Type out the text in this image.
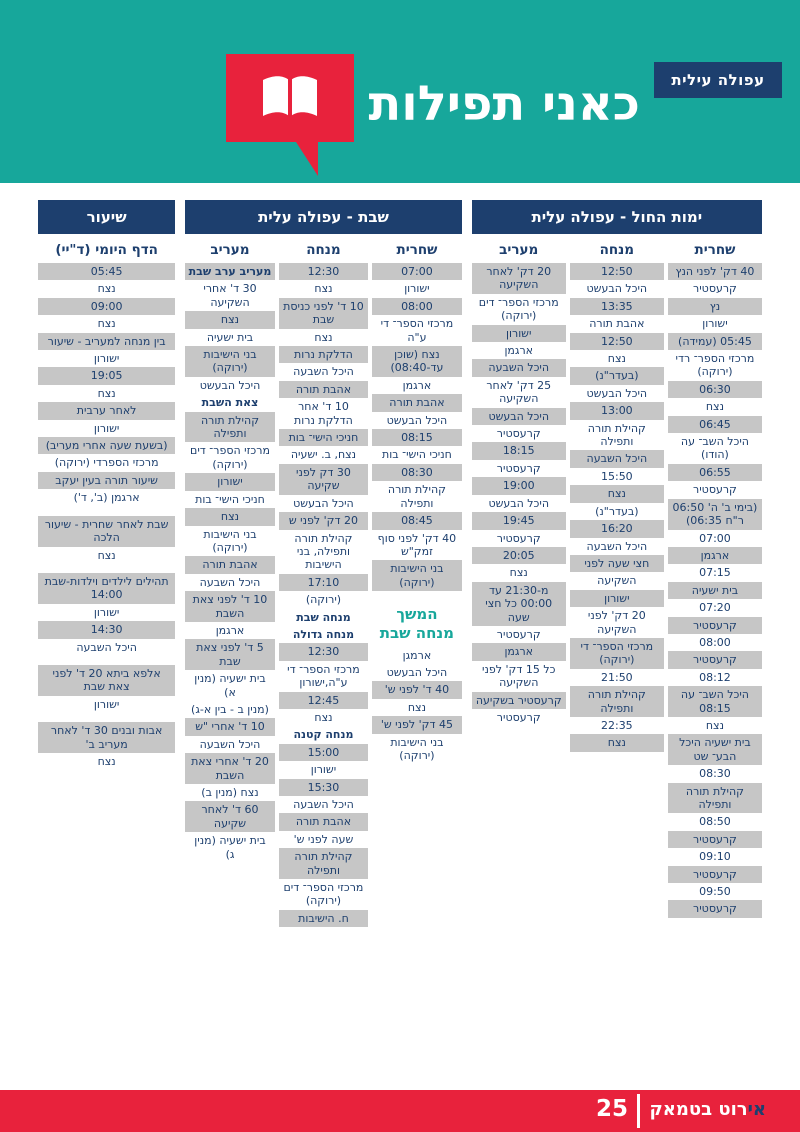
עפולה עילית
כאני תפילות
ימות החול - עפולה עלית
שחרית
40 דק' לפני הנץ
קרעסטיר
נץ
ישורון
05:45 (עמידה)
מרכזי הספר־ רדי (ירוקה)
06:30
נצח
06:45
היכל השב־ עה (הודו)
06:55
קרעסטיר
(בימי ב' ה' 06:50 ר"ח 06:35)
07:00
ארגמן
07:15
בית ישעיה
07:20
קרעסטיר
08:00
קרעסטיר
08:12
היכל השב־ עה 08:15
נצח
בית ישעיה היכל הבע־ שט
08:30
קהילת תורה ותפילה
08:50
קרעסטיר
09:10
קרעסטיר
09:50
קרעסטיר
מנחה
12:50
היכל הבעשט
13:35
אהבת תורה
12:50
נצח
(בעדר"נ)
היכל הבעשט
13:00
קהילת תורה ותפילה
היכל השבעה
15:50
נצח
(בעדר"נ)
16:20
היכל השבעה
חצי שעה לפני
השקיעה
ישורון
20 דק' לפני השקיעה
מרכזי הספר־ די (ירוקה)
21:50
קהילת תורה ותפילה
22:35
נצח
מעריב
20 דק' לאחר השקיעה
מרכזי הספר־ דים (ירוקה)
ישורון
ארגמן
היכל השבעה
25 דק' לאחר השקיעה
היכל הבעשט
קרעסטיר
18:15
קרעסטיר
19:00
היכל הבעשט
19:45
קרעסטיר
20:05
נצח
מ-21:30 עד 00:00 כל חצי שעה
קרעסטיר
ארגמן
כל 15 דק' לפני השקיעה
קרעסטיר בשקיעה
קרעסטיר
שבת - עפולה עלית
שחרית
07:00
ישורון
08:00
מרכזי הספר־ די ע"ה
נצח (שוכן עד-08:40)
ארגמן
אהבת תורה
היכל הבעשט
08:15
חניכי הישי־ בות
08:30
קהילת תורה ותפילה
08:45
40 דק' לפני סוף זמק"ש
בני הישיבות (ירוקה)
המשך
מנחה שבת
ארמגן
היכל הבעשט
40 ד' לפני ש'
נצח
45 דק' לפני ש'
בני הישיבות (ירוקה)
מנחה
12:30
נצח
10 ד' לפני כניסת שבת
נצח
הדלקת נרות
היכל השבעה
אהבת תורה
10 ד' אחר הדלקת נרות
חניכי הישי־ בות
נצח, ב. ישעיה
30 דק לפני שקיעה
היכל הבעשט
20 דק' לפני ש
קהילת תורה ותפילה, בני הישיבות
17:10
(ירוקה)
מנחה שבת
מנחה גדולה
12:30
מרכזי הספר־ די ע"ה,ישורון
12:45
נצח
מנחה קטנה
15:00
ישורון
15:30
היכל השבעה
אהבת תורה
שעה לפני ש'
קהילת תורה ותפילה
מרכזי הספר־ דים (ירוקה)
ח. הישיבות
מעריב
מעריב ערב שבת
30 ד' אחרי השקיעה
נצח
בית ישעיה
בני הישיבות (ירוקה)
היכל הבעשט
צאת השבת
קהילת תורה ותפילה
מרכזי הספר־ דים (ירוקה)
ישורון
חניכי הישי־ בות
נצח
בני הישיבות (ירוקה)
אהבת תורה
היכל השבעה
10 ד' לפני צאת השבת
ארגמן
5 ד' לפני צאת שבת
בית ישעיה (מנין א)
(מנין ב - בין א-ג)
10 ד' אחרי "ש
היכל השבעה
20 ד' אחרי צאת השבת
נצח (מנין ב)
60 ד' לאחר שקיעה
בית ישעיה (מנין ג)
שיעור
הדף היומי (ד"יי)
05:45
נצח
09:00
נצח
בין מנחה למעריב - שיעור
ישורון
19:05
נצח
לאחר ערבית
ישורון
(בשעת שעה אחרי מעריב)
מרכזי הספרדי (ירוקה)
שיעור תורה בעין יעקב
ארגמן (ב', ד')
שבת לאחר שחרית - שיעור הלכה
נצח
תהילים לילדים וילדות-שבת 14:00
ישורון
14:30
היכל השבעה
אלפא ביתא 20 ד' לפני צאת שבת
ישורון
אבות ובנים 30 ד' לאחר מעריב ב'
נצח
אירוט בטמאק
25
